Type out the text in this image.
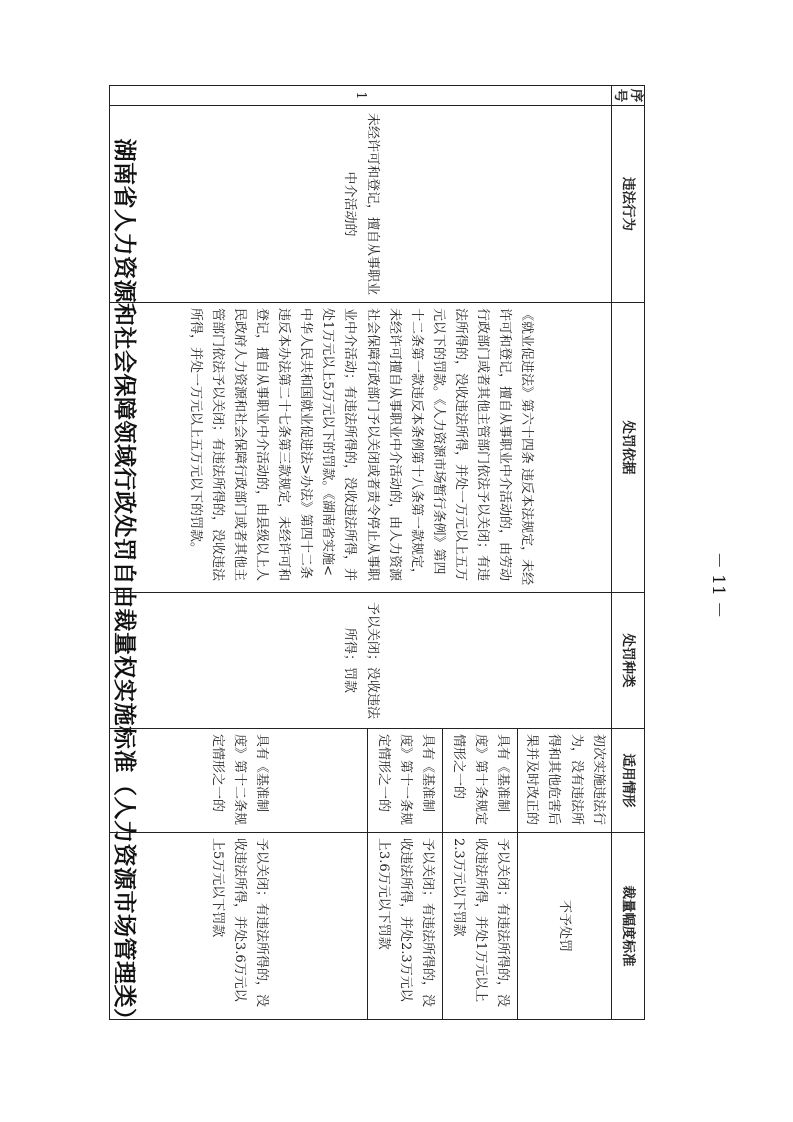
湖南省人力资源和社会保障领域行政处罚自由裁量权实施标准（人力资源市场管理类）
序号	违法行为	处罚依据	处罚种类	适用情形	裁量幅度标准
1	未经许可和登记，擅自从事职业中介活动的	《就业促进法》第六十四条 违反本法规定，未经许可和登记，擅自从事职业中介活动的，由劳动行政部门或者其他主管部门依法予以关闭；有违法所得的，没收违法所得，并处一万元以上五万元以下的罚款。《人力资源市场暂行条例》第四十二条第一款违反本条例第十八条第一款规定，未经许可擅自从事职业中介活动的，由人力资源社会保障行政部门予以关闭或者责令停止从事职业中介活动；有违法所得的，没收违法所得，并处1万元以上5万元以下的罚款。《湖南省实施<中华人民共和国就业促进法>办法》第四十二条 违反本办法第二十七条第三款规定，未经许可和登记，擅自从事职业中介活动的，由县级以上人民政府人力资源和社会保障行政部门或者其他主管部门依法予以关闭；有违法所得的，没收违法所得，并处一万元以上五万元以下的罚款。	予以关闭；没收违法所得；罚款	初次实施违法行为，没有违法所得和其他危害后果并及时改正的	不予处罚
				具有《基准制度》第十条规定情形之一的	予以关闭；有违法所得的，没收违法所得，并处1万元以上2.3万元以下罚款
				具有《基准制度》第十一条规定情形之一的	予以关闭；有违法所得的，没收违法所得，并处2.3万元以上3.6万元以下罚款
				具有《基准制度》第十二条规定情形之一的	予以关闭；有违法所得的，没收违法所得，并处3.6万元以上5万元以下罚款
－ 11 －
